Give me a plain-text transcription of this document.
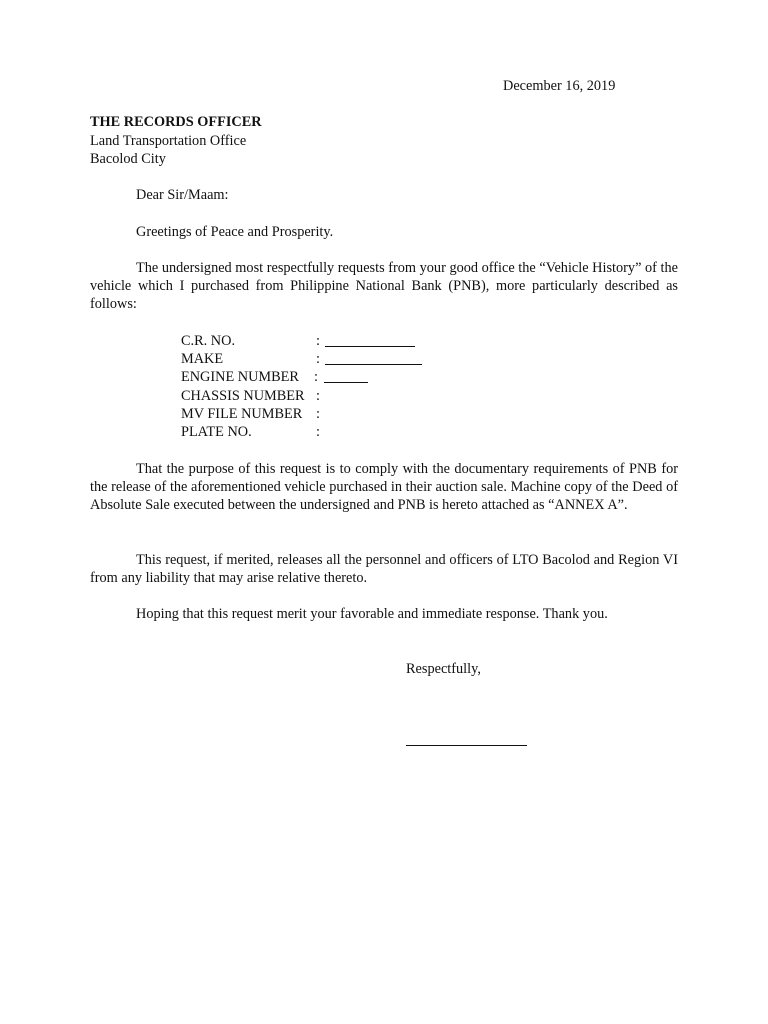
December 16, 2019
THE RECORDS OFFICER
Land Transportation Office
Bacolod City
Dear Sir/Maam:
Greetings of Peace and Prosperity.
The undersigned most respectfully requests from your good office the “Vehicle History” of the vehicle which I purchased from Philippine National Bank (PNB), more particularly described as follows:
C.R. NO.	:
MAKE	:
ENGINE NUMBER :
CHASSIS NUMBER :
MV FILE NUMBER :
PLATE NO.	:
That the purpose of this request is to comply with the documentary requirements of PNB for the release of the aforementioned vehicle purchased in their auction sale. Machine copy of the Deed of Absolute Sale executed between the undersigned and PNB is hereto attached as “ANNEX A”.
This request, if merited, releases all the personnel and officers of LTO Bacolod and Region VI from any liability that may arise relative thereto.
Hoping that this request merit your favorable and immediate response. Thank you.
Respectfully,
